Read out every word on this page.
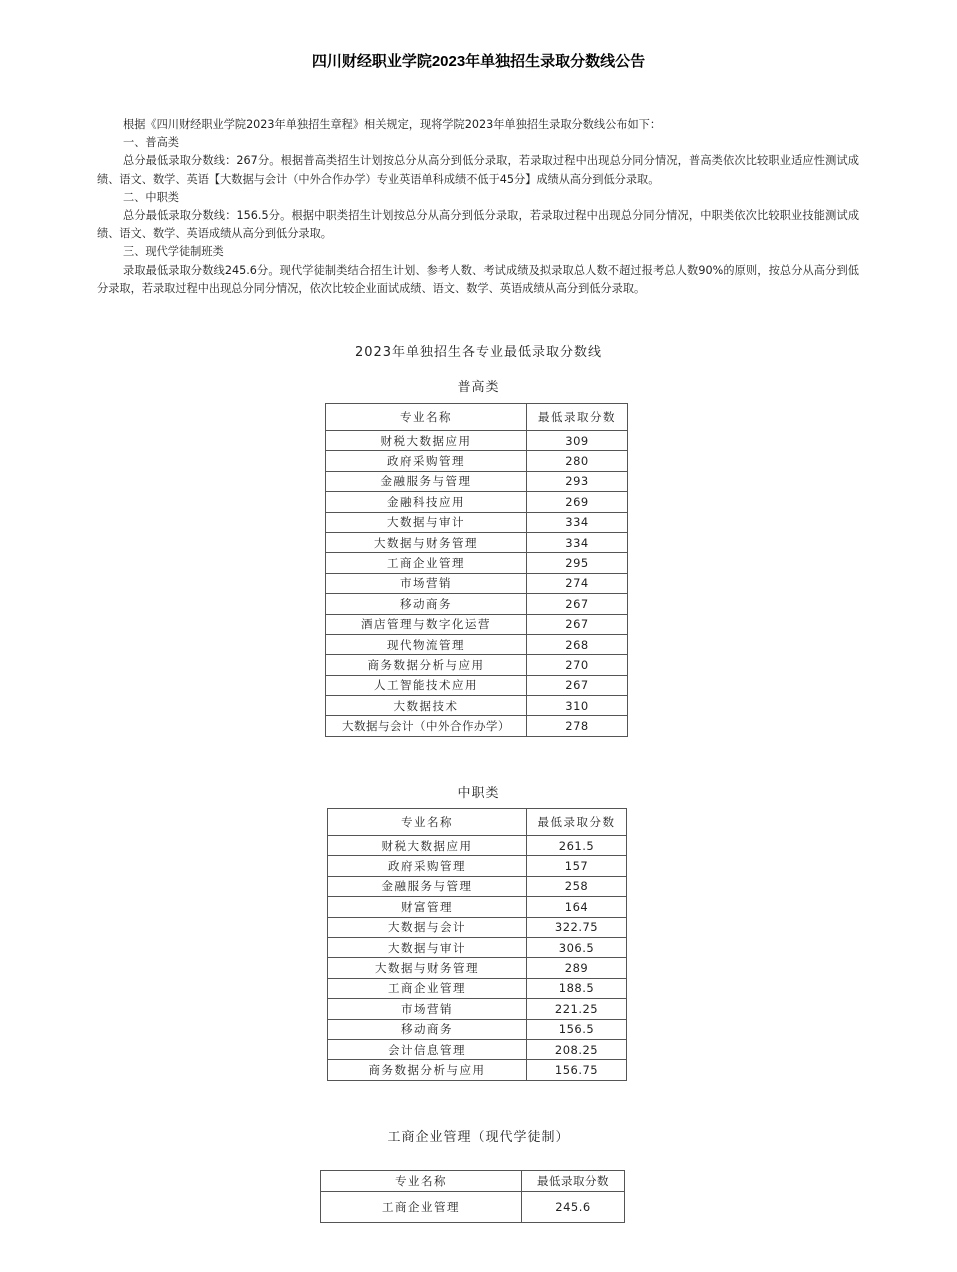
四川财经职业学院2023年单独招生录取分数线公告

根据《四川财经职业学院2023年单独招生章程》相关规定，现将学院2023年单独招生录取分数线公布如下：

一、普高类

总分最低录取分数线：267分。根据普高类招生计划按总分从高分到低分录取，若录取过程中出现总分同分情况，普高类依次比较职业适应性测试成绩、语文、数学、英语【大数据与会计（中外合作办学）专业英语单科成绩不低于45分】成绩从高分到低分录取。

二、中职类

总分最低录取分数线：156.5分。根据中职类招生计划按总分从高分到低分录取，若录取过程中出现总分同分情况，中职类依次比较职业技能测试成绩、语文、数学、英语成绩从高分到低分录取。

三、现代学徒制班类

录取最低录取分数线245.6分。现代学徒制类结合招生计划、参考人数、考试成绩及拟录取总人数不超过报考总人数90%的原则，按总分从高分到低分录取，若录取过程中出现总分同分情况，依次比较企业面试成绩、语文、数学、英语成绩从高分到低分录取。

2023年单独招生各专业最低录取分数线
普高类
专业名称	最低录取分数
财税大数据应用	309
政府采购管理	280
金融服务与管理	293
金融科技应用	269
大数据与审计	334
大数据与财务管理	334
工商企业管理	295
市场营销	274
移动商务	267
酒店管理与数字化运营	267
现代物流管理	268
商务数据分析与应用	270
人工智能技术应用	267
大数据技术	310
大数据与会计（中外合作办学）	278
中职类
专业名称	最低录取分数
财税大数据应用	261.5
政府采购管理	157
金融服务与管理	258
财富管理	164
大数据与会计	322.75
大数据与审计	306.5
大数据与财务管理	289
工商企业管理	188.5
市场营销	221.25
移动商务	156.5
会计信息管理	208.25
商务数据分析与应用	156.75
工商企业管理（现代学徒制）
专业名称	最低录取分数
工商企业管理	245.6
